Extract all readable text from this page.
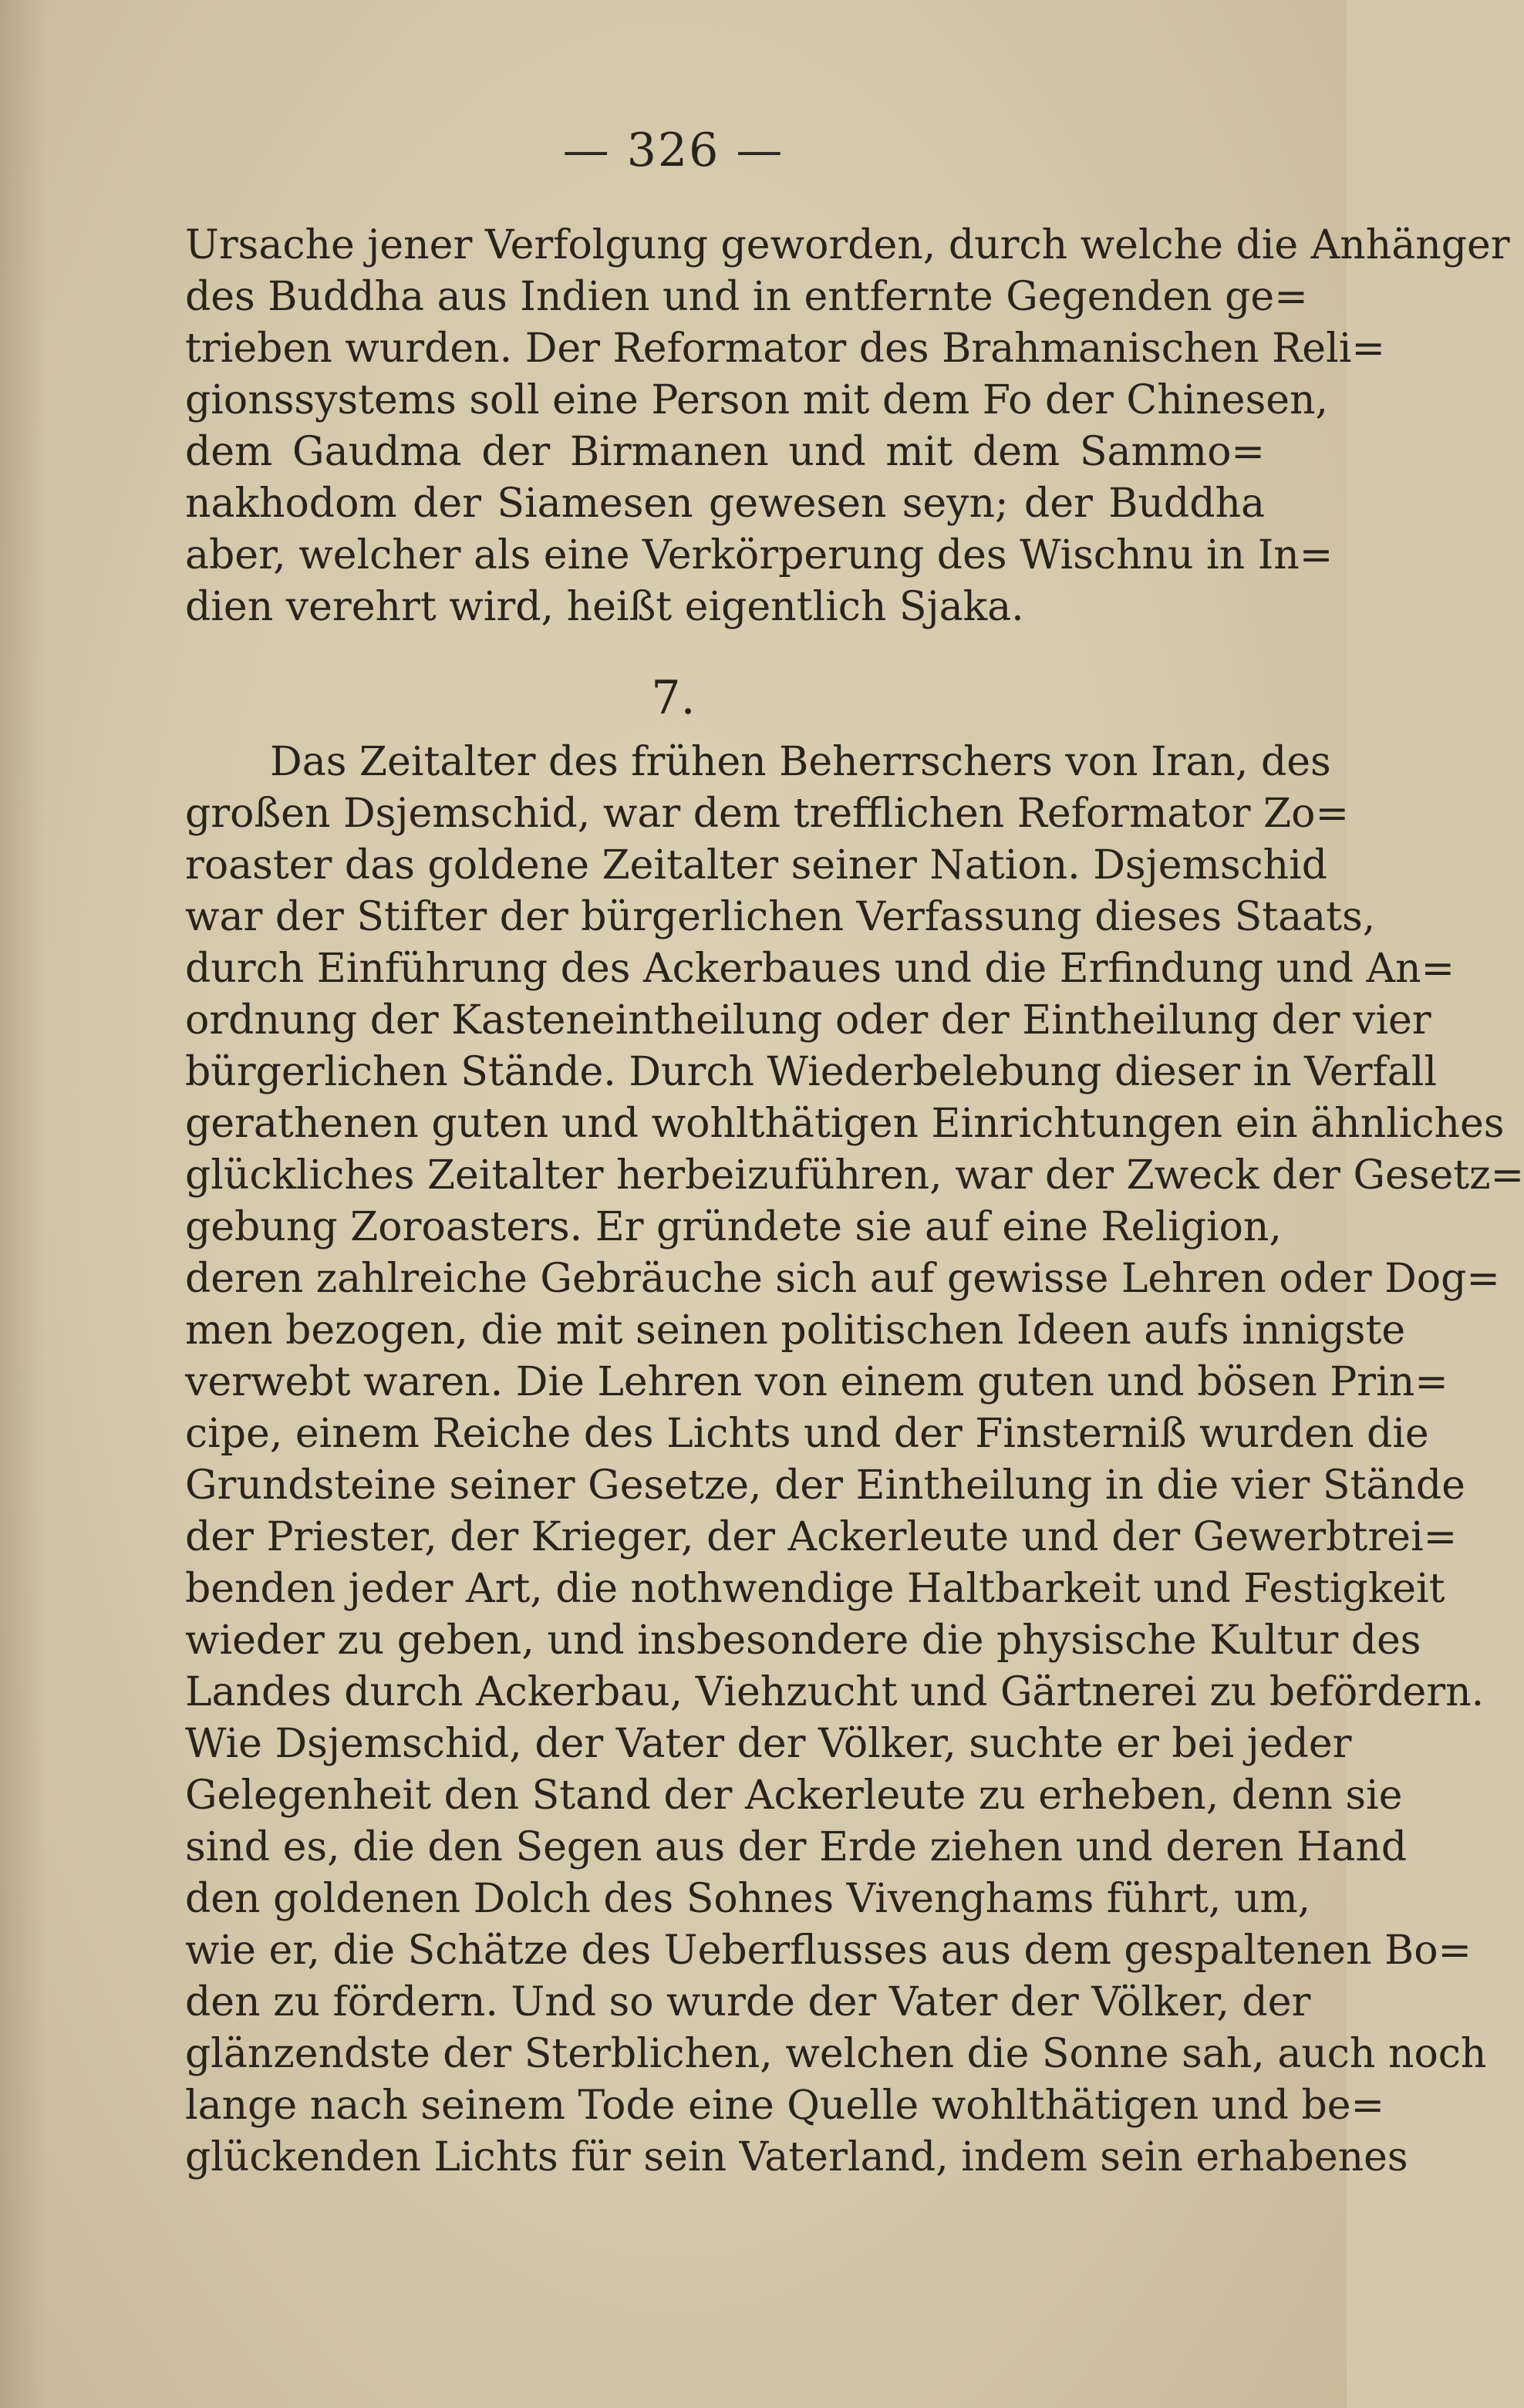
— 326 —
Ursache jener Verfolgung geworden, durch welche die Anhänger
des Buddha aus Indien und in entfernte Gegenden ge=
trieben wurden. Der Reformator des Brahmanischen Reli=
gionssystems soll eine Person mit dem Fo der Chinesen,
dem Gaudma der Birmanen und mit dem Sammo=
nakhodom der Siamesen gewesen seyn; der Buddha
aber, welcher als eine Verkörperung des Wischnu in In=
dien verehrt wird, heißt eigentlich Sjaka.
7.
Das Zeitalter des frühen Beherrschers von Iran, des
großen Dsjemschid, war dem trefflichen Reformator Zo=
roaster das goldene Zeitalter seiner Nation. Dsjemschid
war der Stifter der bürgerlichen Verfassung dieses Staats,
durch Einführung des Ackerbaues und die Erfindung und An=
ordnung der Kasteneintheilung oder der Eintheilung der vier
bürgerlichen Stände. Durch Wiederbelebung dieser in Verfall
gerathenen guten und wohlthätigen Einrichtungen ein ähnliches
glückliches Zeitalter herbeizuführen, war der Zweck der Gesetz=
gebung Zoroasters. Er gründete sie auf eine Religion,
deren zahlreiche Gebräuche sich auf gewisse Lehren oder Dog=
men bezogen, die mit seinen politischen Ideen aufs innigste
verwebt waren. Die Lehren von einem guten und bösen Prin=
cipe, einem Reiche des Lichts und der Finsterniß wurden die
Grundsteine seiner Gesetze, der Eintheilung in die vier Stände
der Priester, der Krieger, der Ackerleute und der Gewerbtrei=
benden jeder Art, die nothwendige Haltbarkeit und Festigkeit
wieder zu geben, und insbesondere die physische Kultur des
Landes durch Ackerbau, Viehzucht und Gärtnerei zu befördern.
Wie Dsjemschid, der Vater der Völker, suchte er bei jeder
Gelegenheit den Stand der Ackerleute zu erheben, denn sie
sind es, die den Segen aus der Erde ziehen und deren Hand
den goldenen Dolch des Sohnes Vivenghams führt, um,
wie er, die Schätze des Ueberflusses aus dem gespaltenen Bo=
den zu fördern. Und so wurde der Vater der Völker, der
glänzendste der Sterblichen, welchen die Sonne sah, auch noch
lange nach seinem Tode eine Quelle wohlthätigen und be=
glückenden Lichts für sein Vaterland, indem sein erhabenes
